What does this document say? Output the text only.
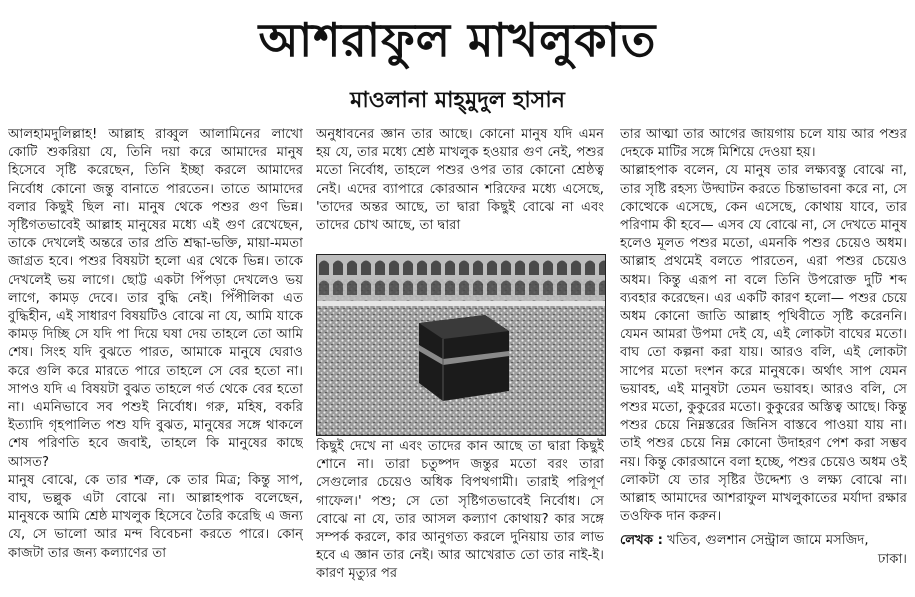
আশরাফুল মাখলুকাত
মাওলানা মাহ্‌মুদুল হাসান

আলহামদুলিল্লাহ! আল্লাহ রাব্বুল আলামিনের লাখো কোটি শুকরিয়া যে, তিনি দয়া করে আমাদের মানুষ হিসেবে সৃষ্টি করেছেন, তিনি ইচ্ছা করলে আমাদের নির্বোধ কোনো জন্তু বানাতে পারতেন। তাতে আমাদের বলার কিছুই ছিল না। মানুষ থেকে পশুর গুণ ভিন্ন। সৃষ্টিগতভাবেই আল্লাহ মানুষের মধ্যে এই গুণ রেখেছেন, তাকে দেখলেই অন্তরে তার প্রতি শ্রদ্ধা-ভক্তি, মায়া-মমতা জাগ্রত হবে। পশুর বিষয়টা হলো এর থেকে ভিন্ন। তাকে দেখলেই ভয় লাগে। ছোট্ট একটা পিঁপড়া দেখলেও ভয় লাগে, কামড় দেবে। তার বুদ্ধি নেই। পিঁপীলিকা এত বুদ্ধিহীন, এই সাধারণ বিষয়টিও বোঝে না যে, আমি যাকে কামড় দিচ্ছি সে যদি পা দিয়ে ঘষা দেয় তাহলে তো আমি শেষ। সিংহ যদি বুঝতে পারত, আমাকে মানুষে ঘেরাও করে গুলি করে মারতে পারে তাহলে সে বের হতো না। সাপও যদি এ বিষয়টা বুঝত তাহলে গর্ত থেকে বের হতো না। এমনিভাবে সব পশুই নির্বোধ। গরু, মহিষ, বকরি ইত্যাদি গৃহপালিত পশু যদি বুঝত, মানুষের সঙ্গে থাকলে শেষ পরিণতি হবে জবাই, তাহলে কি মানুষের কাছে আসত?

মানুষ বোঝে, কে তার শত্রু, কে তার মিত্র; কিন্তু সাপ, বাঘ, ভল্লুক এটা বোঝে না। আল্লাহপাক বলেছেন, মানুষকে আমি শ্রেষ্ঠ মাখলুক হিসেবে তৈরি করেছি এ জন্য যে, সে ভালো আর মন্দ বিবেচনা করতে পারে। কোন্ কাজটা তার জন্য কল্যাণের তা

অনুধাবনের জ্ঞান তার আছে। কোনো মানুষ যদি এমন হয় যে, তার মধ্যে শ্রেষ্ঠ মাখলুক হওয়ার গুণ নেই, পশুর মতো নির্বোধ, তাহলে পশুর ওপর তার কোনো শ্রেষ্ঠত্ব নেই। এদের ব্যাপারে কোরআন শরিফের মধ্যে এসেছে, 'তাদের অন্তর আছে, তা দ্বারা কিছুই বোঝে না এবং তাদের চোখ আছে, তা দ্বারা
কিছুই দেখে না এবং তাদের কান আছে তা দ্বারা কিছুই শোনে না। তারা চতুষ্পদ জন্তুর মতো বরং তারা সেগুলোর চেয়েও অধিক বিপথগামী। তারাই পরিপূর্ণ গাফেল।' পশু; সে তো সৃষ্টিগতভাবেই নির্বোধ। সে বোঝে না যে, তার আসল কল্যাণ কোথায়? কার সঙ্গে সম্পর্ক করলে, কার আনুগত্য করলে দুনিয়ায় তার লাভ হবে এ জ্ঞান তার নেই। আর আখেরাত তো তার নাই-ই। কারণ মৃত্যুর পর

তার আত্মা তার আগের জায়গায় চলে যায় আর পশুর দেহকে মাটির সঙ্গে মিশিয়ে দেওয়া হয়।

আল্লাহপাক বলেন, যে মানুষ তার লক্ষ্যবস্তু বোঝে না, তার সৃষ্টি রহস্য উদ্ঘাটন করতে চিন্তাভাবনা করে না, সে কোত্থেকে এসেছে, কেন এসেছে, কোথায় যাবে, তার পরিণাম কী হবে— এসব যে বোঝে না, সে দেখতে মানুষ হলেও মূলত পশুর মতো, এমনকি পশুর চেয়েও অধম। আল্লাহ প্রথমেই বলতে পারতেন, এরা পশুর চেয়েও অধম। কিন্তু এরূপ না বলে তিনি উপরোক্ত দুটি শব্দ ব্যবহার করেছেন। এর একটি কারণ হলো— পশুর চেয়ে অধম কোনো জাতি আল্লাহ পৃথিবীতে সৃষ্টি করেননি। যেমন আমরা উপমা দেই যে, এই লোকটা বাঘের মতো। বাঘ তো কল্পনা করা যায়। আরও বলি, এই লোকটা সাপের মতো দংশন করে মানুষকে। অর্থাৎ সাপ যেমন ভয়াবহ, এই মানুষটা তেমন ভয়াবহ। আরও বলি, সে পশুর মতো, কুকুরের মতো। কুকুরের অস্তিত্ব আছে। কিন্তু পশুর চেয়ে নিম্নস্তরের জিনিস বাস্তবে পাওয়া যায় না। তাই পশুর চেয়ে নিম্ন কোনো উদাহরণ পেশ করা সম্ভব নয়। কিন্তু কোরআনে বলা হচ্ছে, পশুর চেয়েও অধম ওই লোকটা যে তার সৃষ্টির উদ্দেশ্য ও লক্ষ্য বোঝে না। আল্লাহ আমাদের আশরাফুল মাখলুকাতের মর্যাদা রক্ষার তওফিক দান করুন।

লেখক : খতিব, গুলশান সেন্ট্রাল জামে মসজিদ,
ঢাকা।
